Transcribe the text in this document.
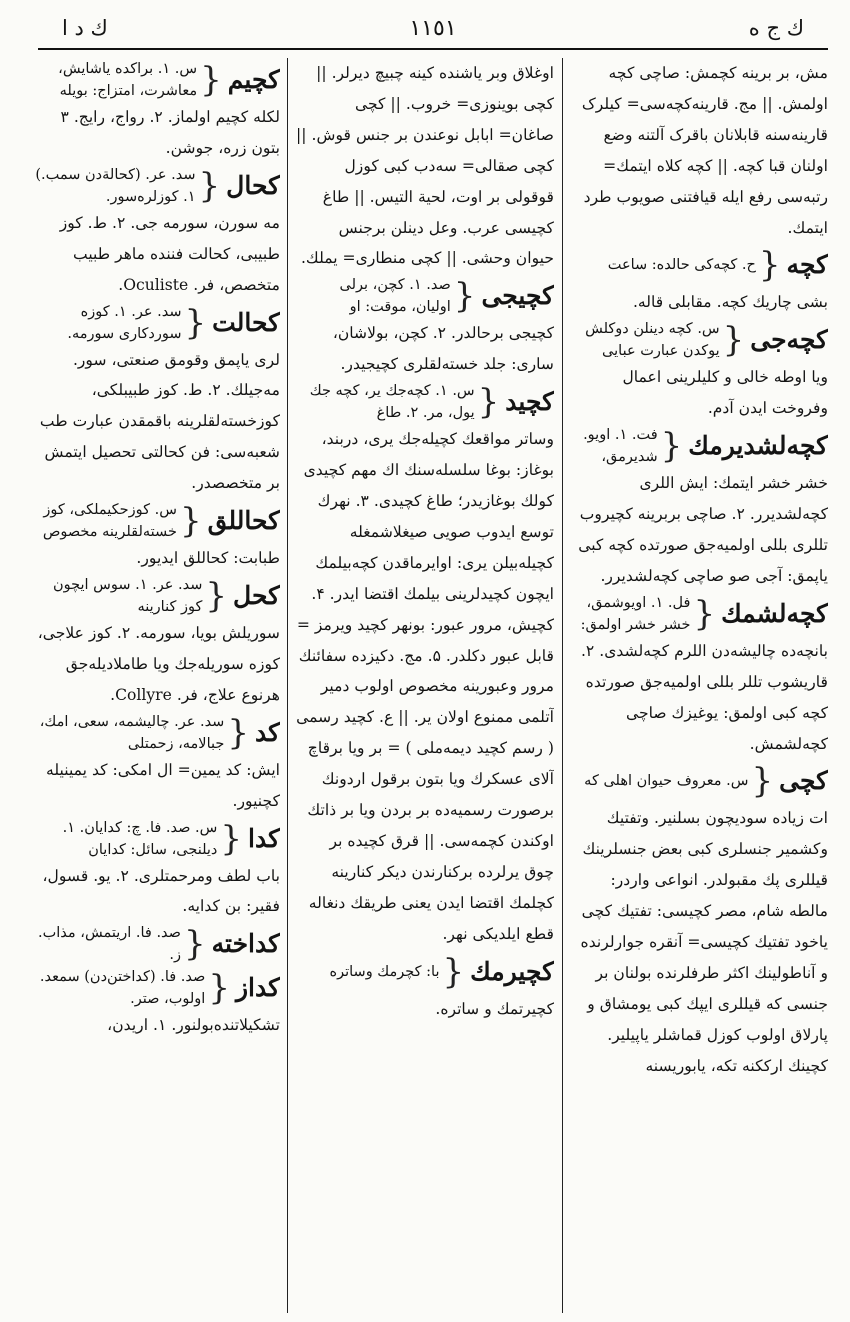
ك ج ه
١١٥١
ك د ا
مش، بر برینه کچمش: صاچی کچه اولمش. || مج. قارینه‌کچه‌سی= کیلرک قارینه‌سنه قابلانان باقرک آلتنه وضع اولنان قبا کچه. || کچه کلاه ایتمك= رتبه‌سی رفع ایله قیافتنی صویوب طرد ایتمك.
كچه
{
ح. کچه‌کی حالده: ساعت
بشی چاریك کچه. مقابلی قاله.
كچه‌جی
{
س. کچه دینلن دوکلش یوکدن عبارت عبایی
ویا اوطه خالی و کلیلرینی اعمال وفروخت ایدن آدم.
كچه‌لشدیرمك
{
فت. ۱. اویو. شدیرمق،
خشر خشر ایتمك: ایش اللری کچه‌لشدیرر. ۲. صاچی بربرینه کچیروب تللری بللی اولمیه‌جق صورتده کچه کبی یاپمق: آجی صو صاچی کچه‌لشدیرر.
كچه‌لشمك
{
فل. ۱. اویوشمق، خشر خشر اولمق:
بانچه‌ده چالیشه‌دن اللرم کچه‌لشدی. ۲. قاریشوب تللر بللی اولمیه‌جق صورتده کچه کبی اولمق: یوغیزك صاچی کچه‌لشمش.
كچی
{
س. معروف حیوان اهلی که
ات زیاده سودیچون بسلنیر. وتفتیك وکشمیر جنسلری کبی بعض جنسلرینك قیللری پك مقبولدر. انواعی واردر: مالطه شام، مصر کچیسی: تفتیك کچی یاخود تفتیك کچیسی= آنقره جوارلرنده و آناطولینك اکثر طرفلرنده بولنان بر جنسی که قیللری ایپك کبی یومشاق و پارلاق اولوب کوزل قماشلر یاپیلیر. کچینك ارککنه تکه، یابوریسنه
اوغلاق وبر یاشنده کینه چبیچ دیرلر. || کچی بوینوزی= خروب. || کچی صاغان= ابابل نوعندن بر جنس قوش. || کچی صقالی= سه‌دب کبی کوزل قوقولی بر اوت، لحیة التیس. || طاغ کچیسی عرب. وعل دینلن برجنس حیوان وحشی. || کچی منطاری= یملك.
كچیجی
{
صد. ۱. کچن، برلی اولیان، موقت: او
کچیجی برحالدر. ۲. کچن، بولاشان، ساری: جلد خسته‌لقلری کچیجیدر.
كچید
{
س. ۱. کچه‌جك یر، کچه جك یول، مر. ۲. طاغ
وساتر مواقعك کچیله‌جك یری، دربند، بوغاز: بوغا سلسله‌سنك اك مهم کچیدی کولك بوغازیدر؛ طاغ کچیدی. ۳. نهرك توسع ایدوب صویی صیغلاشمغله کچیله‌بیلن یری: اوایرماقدن کچه‌بیلمك ایچون کچیدلرینی بیلمك اقتضا ایدر. ۴. کچیش، مرور عبور: بونهر کچید ویرمز = قابل عبور دکلدر. ۵. مج. دکیزده سفائنك مرور وعبورینه مخصوص اولوب دمیر آتلمی ممنوع اولان یر. || ع. کچید رسمی ( رسم کچید دیمه‌ملی ) = بر ویا برقاچ آلای عسکرك ویا بتون برقول اردونك برصورت رسمیه‌ده بر بردن ویا بر ذاتك اوکندن کچمه‌سی. || قرق کچیده بر چوق یرلرده برکنارندن دیکر کنارینه کچلمك اقتضا ایدن یعنی طریقك دنغاله قطع ایلدیکی نهر.
كچیرمك
{
با: کچرمك وساتره
کچیرتمك و ساتره.
كچیم
{
س. ۱. براکده یاشایش، معاشرت، امتزاج: بویله
لکله کچیم اولماز. ۲. رواج، رایج. ۳ بتون زره، جوشن.
كحال
{
سد. عر. (کحالة‌دن سمب.) ۱. کوزلره‌سور.
مه سورن، سورمه جی. ۲. ط. کوز طبیبی، کحالت فننده ماهر طبیب متخصص، فر. Oculiste.
كحالت
{
سد. عر. ۱. کوزه سوردکاری سورمه.
لری یاپمق وقومق صنعتی، سور. مه‌جیلك. ۲. ط. کوز طبیبلکی، کوزخسته‌لقلرینه باقمقدن عبارت طب شعبه‌سی: فن کحالتی تحصیل ایتمش بر متخصصدر.
كحاللق
{
س. کوزحکیملکی، کوز خسته‌لقلرینه مخصوص
طبابت: کحاللق ایدیور.
كحل
{
سد. عر. ۱. سوس ایچون کوز کنارینه
سوریلش بویا، سورمه. ۲. کوز علاجی، کوزه سوریله‌جك ویا طاملادیله‌جق هرنوع علاج، فر. Collyre.
كد
{
سد. عر. چالیشمه، سعی، امك، جبالامه، زحمتلی
ایش: کد یمین= ال امکی: کد یمینیله کچنیور.
كدا
{
س. صد. فا. چ: کدایان. ۱. دیلنجی، سائل: کدایان
باب لطف ومرحمتلری. ۲. یو. قسول، فقیر: بن کدایه.
كداخته
{
صد. فا. اریتمش، مذاب. ز.
كداز
{
صد. فا. (کداختن‌دن) سمعد. اولوب، صتر.
تشکیلاتنده‌بولنور. ۱. اریدن،
